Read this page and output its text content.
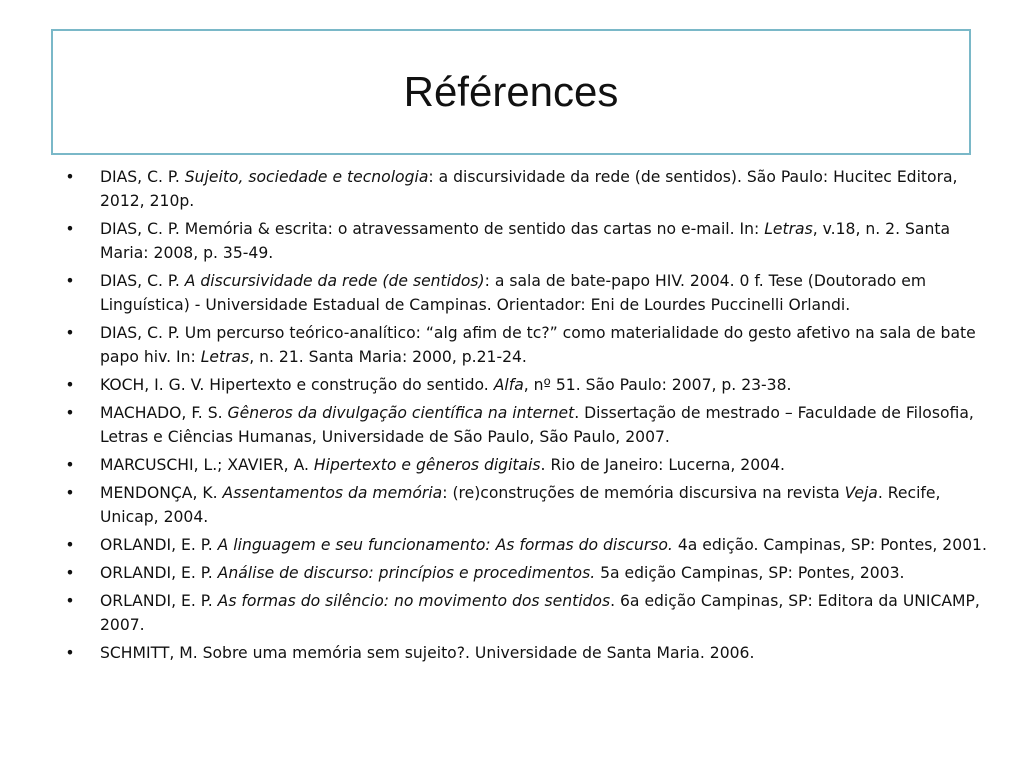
Références
•	DIAS, C. P. Sujeito, sociedade e tecnologia: a discursividade da rede (de sentidos). São Paulo: Hucitec Editora, 2012, 210p.
•	DIAS, C. P. Memória & escrita: o atravessamento de sentido das cartas no e-mail. In: Letras, v.18, n. 2. Santa Maria: 2008, p. 35-49.
•	DIAS, C. P. A discursividade da rede (de sentidos): a sala de bate-papo HIV. 2004. 0 f. Tese (Doutorado em Linguística) - Universidade Estadual de Campinas. Orientador: Eni de Lourdes Puccinelli Orlandi.
•	DIAS, C. P. Um percurso teórico-analítico: “alg afim de tc?” como materialidade do gesto afetivo na sala de bate papo hiv. In: Letras, n. 21. Santa Maria: 2000, p.21-24.
•	KOCH, I. G. V. Hipertexto e construção do sentido. Alfa, nº 51. São Paulo: 2007, p. 23-38.
•	MACHADO, F. S. Gêneros da divulgação científica na internet. Dissertação de mestrado – Faculdade de Filosofia, Letras e Ciências Humanas, Universidade de São Paulo, São Paulo, 2007.
•	MARCUSCHI, L.; XAVIER, A. Hipertexto e gêneros digitais. Rio de Janeiro: Lucerna, 2004.
•	MENDONÇA, K. Assentamentos da memória: (re)construções de memória discursiva na revista Veja. Recife, Unicap, 2004.
•	ORLANDI, E. P. A linguagem e seu funcionamento: As formas do discurso. 4a edição. Campinas, SP: Pontes, 2001.
•	ORLANDI, E. P. Análise de discurso: princípios e procedimentos. 5a edição Campinas, SP: Pontes, 2003.
•	ORLANDI, E. P. As formas do silêncio: no movimento dos sentidos. 6a edição Campinas, SP: Editora da UNICAMP, 2007.
•	SCHMITT, M. Sobre uma memória sem sujeito?. Universidade de Santa Maria. 2006.
